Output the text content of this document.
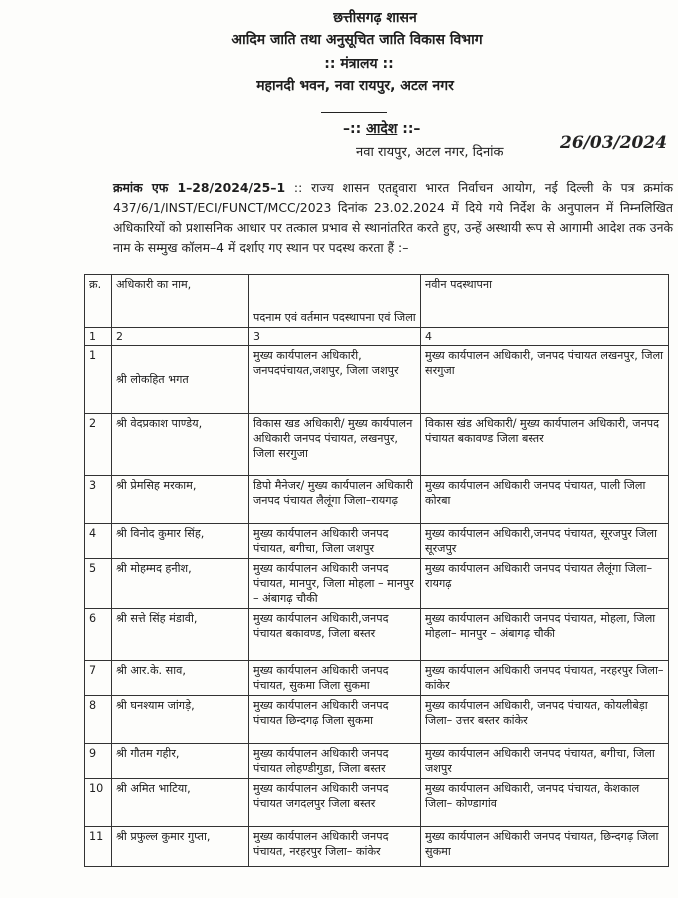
छत्तीसगढ़ शासन
आदिम जाति तथा अनुसूचित जाति विकास विभाग
:: मंत्रालय ::
महानदी भवन, नवा रायपुर, अटल नगर
–:: आदेश ::–
नवा रायपुर, अटल नगर, दिनांक	26/03/2024
क्रमांक एफ 1–28/2024/25–1 :: राज्य शासन एतद्द्वारा भारत निर्वाचन आयोग, नई दिल्ली के पत्र क्रमांक 437/6/1/INST/ECI/FUNCT/MCC/2023 दिनांक 23.02.2024 में दिये गये निर्देश के अनुपालन में निम्नलिखित अधिकारियों को प्रशासनिक आधार पर तत्काल प्रभाव से स्थानांतरित करते हुए, उन्हें अस्थायी रूप से आगामी आदेश तक उनके नाम के सम्मुख कॉलम–4 में दर्शाए गए स्थान पर पदस्थ करता हैं :–
क्र.	अधिकारी का नाम,	पदनाम एवं वर्तमान पदस्थापना एवं जिला	नवीन पदस्थापना
1	2	3	4
1	श्री लोकहित भगत	मुख्य कार्यपालन अधिकारी, जनपदपंचायत,जशपुर, जिला जशपुर	मुख्य कार्यपालन अधिकारी, जनपद पंचायत लखनपुर, जिला सरगुजा
2	श्री वेदप्रकाश पाण्डेय,	विकास खड अधिकारी/ मुख्य कार्यपालन अधिकारी जनपद पंचायत, लखनपुर, जिला सरगुजा	विकास खंड अधिकारी/ मुख्य कार्यपालन अधिकारी, जनपद पंचायत बकावण्ड जिला बस्तर
3	श्री प्रेमसिह मरकाम,	डिपो मैनेजर/ मुख्य कार्यपालन अधिकारी जनपद पंचायत लैलूंगा जिला–रायगढ़	मुख्य कार्यपालन अधिकारी जनपद पंचायत, पाली जिला कोरबा
4	श्री विनोद कुमार सिंह,	मुख्य कार्यपालन अधिकारी जनपद पंचायत, बगीचा, जिला जशपुर	मुख्य कार्यपालन अधिकारी,जनपद पंचायत, सूरजपुर जिला सूरजपुर
5	श्री मोहम्मद हनीश,	मुख्य कार्यपालन अधिकारी जनपद पंचायत, मानपुर, जिला मोहला – मानपुर – अंबागढ़ चौकी	मुख्य कार्यपालन अधिकारी जनपद पंचायत लैलूंगा जिला–रायगढ़
6	श्री सत्ते सिंह मंडावी,	मुख्य कार्यपालन अधिकारी,जनपद पंचायत बकावण्ड, जिला बस्तर	मुख्य कार्यपालन अधिकारी जनपद पंचायत, मोहला, जिला मोहला– मानपुर – अंबागढ़ चौकी
7	श्री आर.के. साव,	मुख्य कार्यपालन अधिकारी जनपद पंचायत, सुकमा जिला सुकमा	मुख्य कार्यपालन अधिकारी जनपद पंचायत, नरहरपुर जिला– कांकेर
8	श्री घनश्याम जांगड़े,	मुख्य कार्यपालन अधिकारी जनपद पंचायत छिन्दगढ़ जिला सुकमा	मुख्य कार्यपालन अधिकारी, जनपद पंचायत, कोयलीबेड़ा जिला– उत्तर बस्तर कांकेर
9	श्री गौतम गहीर,	मुख्य कार्यपालन अधिकारी जनपद पंचायत लोहण्डीगुडा, जिला बस्तर	मुख्य कार्यपालन अधिकारी जनपद पंचायत, बगीचा, जिला जशपुर
10	श्री अमित भाटिया,	मुख्य कार्यपालन अधिकारी जनपद पंचायत जगदलपुर जिला बस्तर	मुख्य कार्यपालन अधिकारी, जनपद पंचायत, केशकाल जिला– कोण्डागांव
11	श्री प्रफुल्ल कुमार गुप्ता,	मुख्य कार्यपालन अधिकारी जनपद पंचायत, नरहरपुर जिला– कांकेर	मुख्य कार्यपालन अधिकारी जनपद पंचायत, छिन्दगढ़ जिला सुकमा
